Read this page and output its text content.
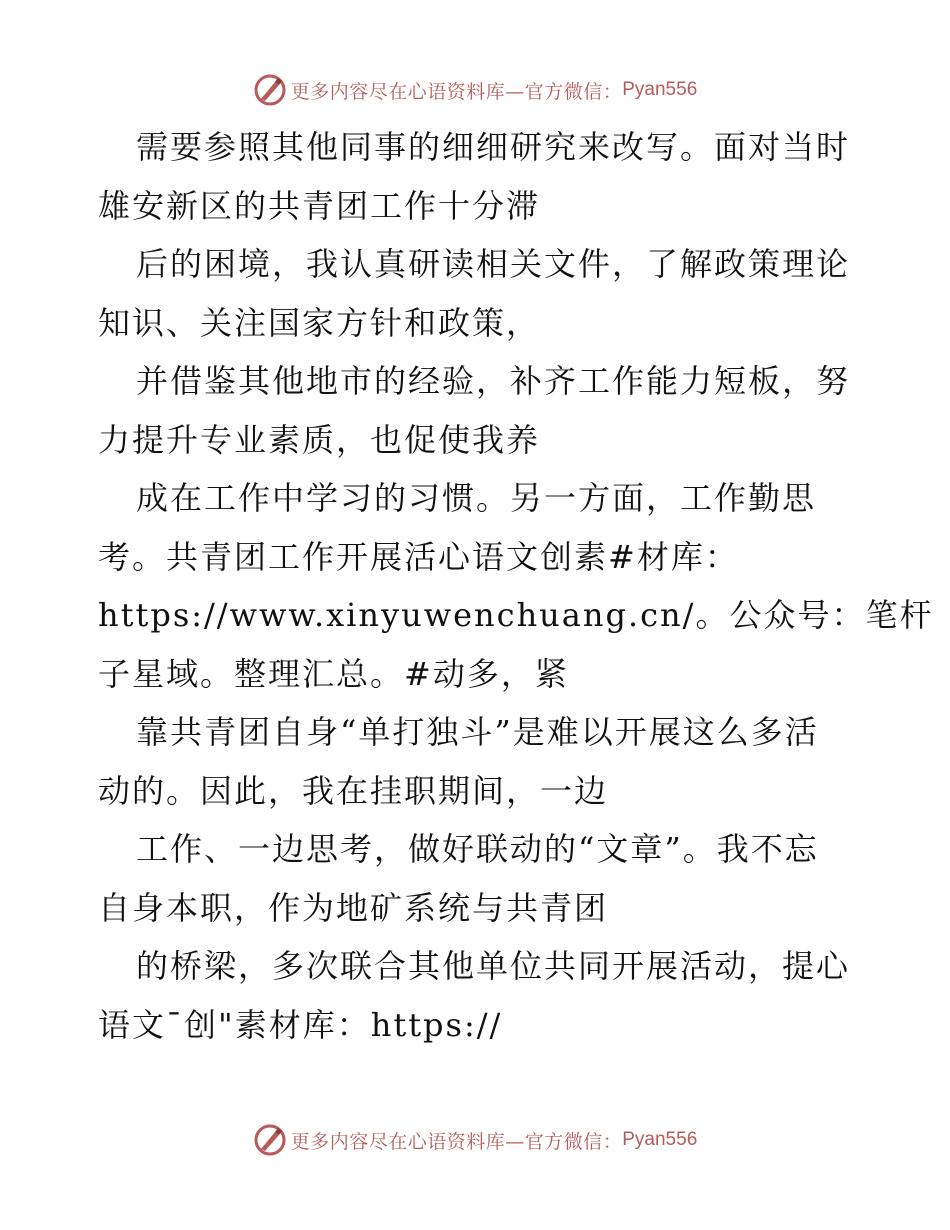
更多内容尽在心语资料库—官方微信： Pyan556
需要参照其他同事的细细研究来改写。面对当时
雄安新区的共青团工作十分滞
后的困境，我认真研读相关文件，了解政策理论
知识、关注国家方针和政策，
并借鉴其他地市的经验，补齐工作能力短板，努
力提升专业素质，也促使我养
成在工作中学习的习惯。另一方面，工作勤思
考。共青团工作开展活心语文创素#材库：
https://www.xinyuwenchuang.cn/。公众号：笔杆
子星域。整理汇总。#动多，紧
靠共青团自身“单打独斗”是难以开展这么多活
动的。因此，我在挂职期间，一边
工作、一边思考，做好联动的“文章”。我不忘
自身本职，作为地矿系统与共青团
的桥梁，多次联合其他单位共同开展活动，提心
语文¯创"素材库：https://
更多内容尽在心语资料库—官方微信： Pyan556
